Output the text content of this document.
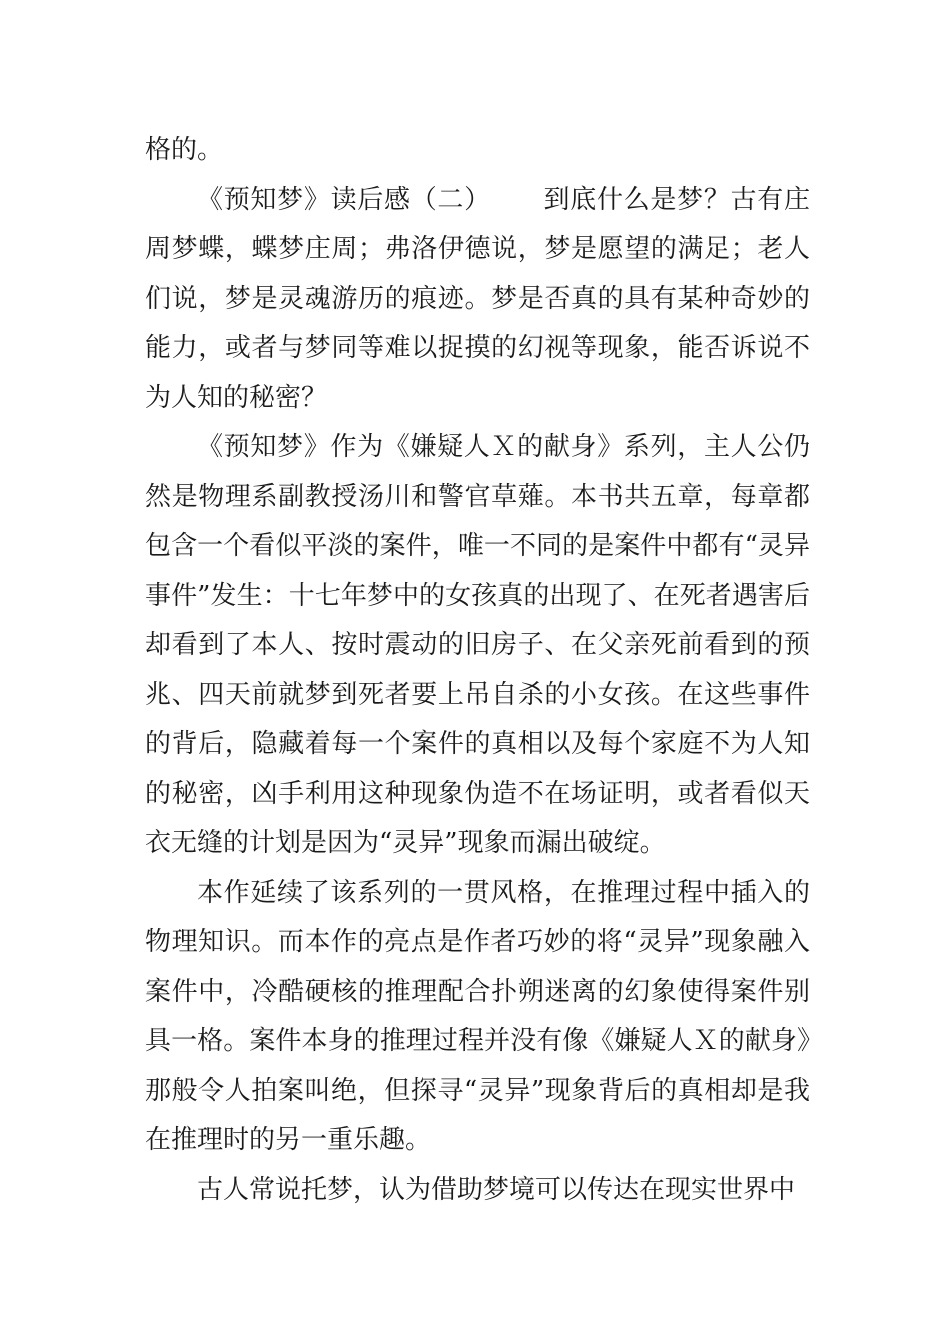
格的。

《预知梦》读后感（二） 到底什么是梦？古有庄周梦蝶，蝶梦庄周；弗洛伊德说，梦是愿望的满足；老人们说，梦是灵魂游历的痕迹。梦是否真的具有某种奇妙的能力，或者与梦同等难以捉摸的幻视等现象，能否诉说不为人知的秘密？

《预知梦》作为《嫌疑人Ｘ的献身》系列，主人公仍然是物理系副教授汤川和警官草薙。本书共五章，每章都包含一个看似平淡的案件，唯一不同的是案件中都有“灵异事件”发生：十七年梦中的女孩真的出现了、在死者遇害后却看到了本人、按时震动的旧房子、在父亲死前看到的预兆、四天前就梦到死者要上吊自杀的小女孩。在这些事件的背后，隐藏着每一个案件的真相以及每个家庭不为人知的秘密，凶手利用这种现象伪造不在场证明，或者看似天衣无缝的计划是因为“灵异”现象而漏出破绽。

本作延续了该系列的一贯风格，在推理过程中插入的物理知识。而本作的亮点是作者巧妙的将“灵异”现象融入案件中，冷酷硬核的推理配合扑朔迷离的幻象使得案件别具一格。案件本身的推理过程并没有像《嫌疑人Ｘ的献身》那般令人拍案叫绝，但探寻“灵异”现象背后的真相却是我在推理时的另一重乐趣。

古人常说托梦，认为借助梦境可以传达在现实世界中
